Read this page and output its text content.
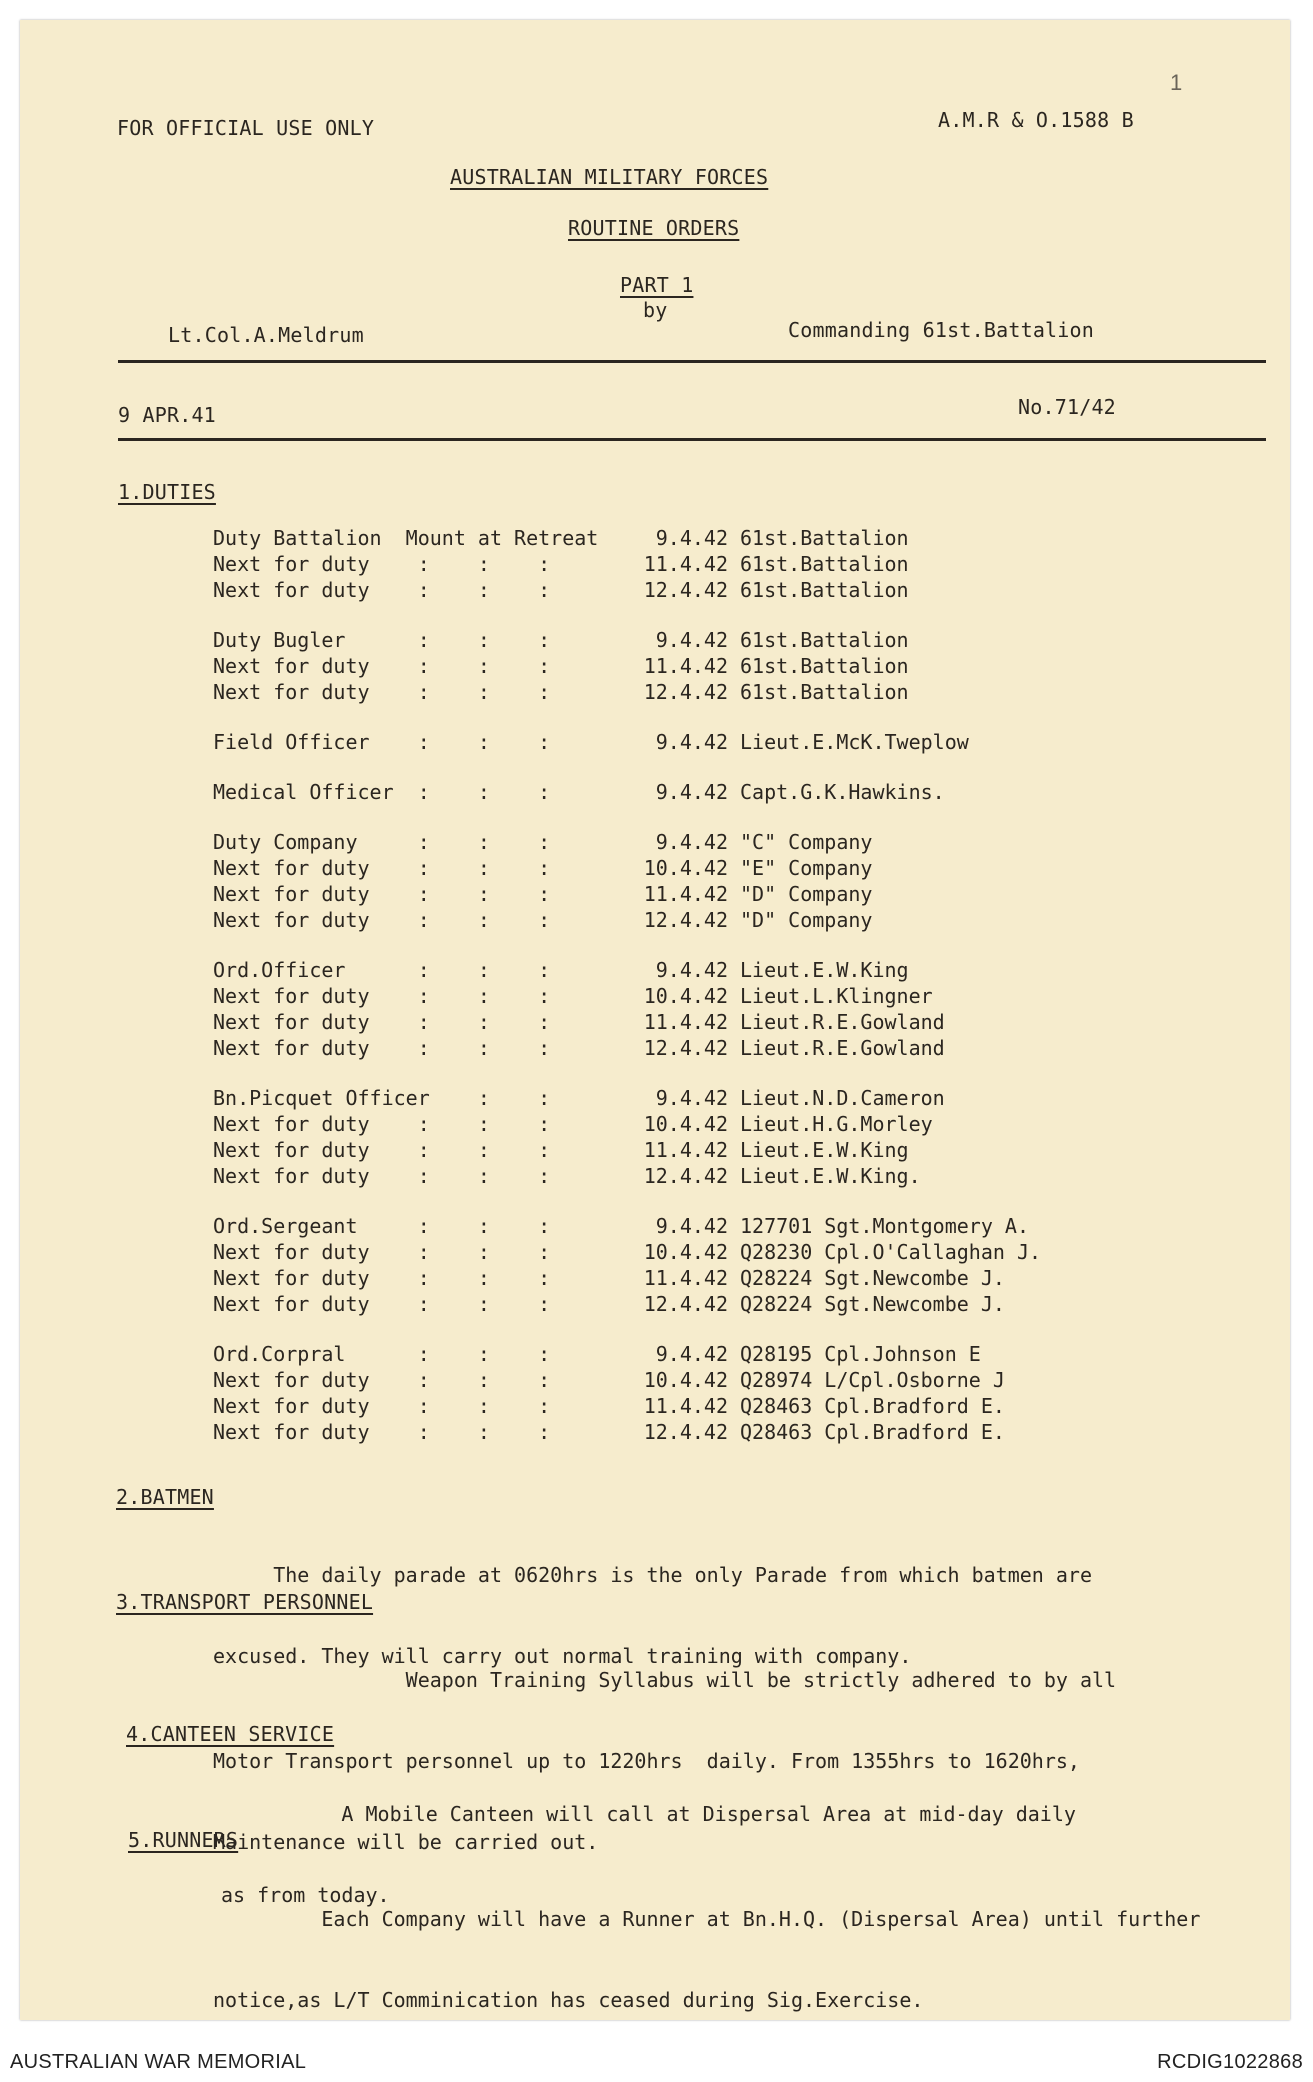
1
FOR OFFICIAL USE ONLY	A.M.R & O.1588 B
AUSTRALIAN MILITARY FORCES
ROUTINE ORDERS
PART 1
by
Lt.Col.A.Meldrum	Commanding 61st.Battalion
9 APR.41	No.71/42
1.DUTIES
Duty Battalion  Mount at Retreat	9.4.42 61st.Battalion
Next for duty    :    :    :	11.4.42 61st.Battalion
Next for duty    :    :    :	12.4.42 61st.Battalion
Duty Bugler      :    :    :	9.4.42 61st.Battalion
Next for duty    :    :    :	11.4.42 61st.Battalion
Next for duty    :    :    :	12.4.42 61st.Battalion
Field Officer    :    :    :	9.4.42 Lieut.E.McK.Tweplow
Medical Officer  :    :    :	9.4.42 Capt.G.K.Hawkins.
Duty Company     :    :    :	9.4.42 "C" Company
Next for duty    :    :    :	10.4.42 "E" Company
Next for duty    :    :    :	11.4.42 "D" Company
Next for duty    :    :    :	12.4.42 "D" Company
Ord.Officer      :    :    :	9.4.42 Lieut.E.W.King
Next for duty    :    :    :	10.4.42 Lieut.L.Klingner
Next for duty    :    :    :	11.4.42 Lieut.R.E.Gowland
Next for duty    :    :    :	12.4.42 Lieut.R.E.Gowland
Bn.Picquet Officer    :    :	9.4.42 Lieut.N.D.Cameron
Next for duty    :    :    :	10.4.42 Lieut.H.G.Morley
Next for duty    :    :    :	11.4.42 Lieut.E.W.King
Next for duty    :    :    :	12.4.42 Lieut.E.W.King.
Ord.Sergeant     :    :    :	9.4.42 127701 Sgt.Montgomery A.
Next for duty    :    :    :	10.4.42 Q28230 Cpl.O'Callaghan J.
Next for duty    :    :    :	11.4.42 Q28224 Sgt.Newcombe J.
Next for duty    :    :    :	12.4.42 Q28224 Sgt.Newcombe J.
Ord.Corpral      :    :    :	9.4.42 Q28195 Cpl.Johnson E
Next for duty    :    :    :	10.4.42 Q28974 L/Cpl.Osborne J
Next for duty    :    :    :	11.4.42 Q28463 Cpl.Bradford E.
Next for duty    :    :    :	12.4.42 Q28463 Cpl.Bradford E.
2.BATMEN

The daily parade at 0620hrs is the only Parade from which batmen are

excused. They will carry out normal training with company.

3.TRANSPORT PERSONNEL

Weapon Training Syllabus will be strictly adhered to by all

Motor Transport personnel up to 1220hrs  daily. From 1355hrs to 1620hrs,

Maintenance will be carried out.

4.CANTEEN SERVICE

A Mobile Canteen will call at Dispersal Area at mid-day daily

as from today.

5.RUNNERS

Each Company will have a Runner at Bn.H.Q. (Dispersal Area) until further

notice,as L/T Comminication has ceased during Sig.Exercise.

AUSTRALIAN WAR MEMORIAL	RCDIG1022868
